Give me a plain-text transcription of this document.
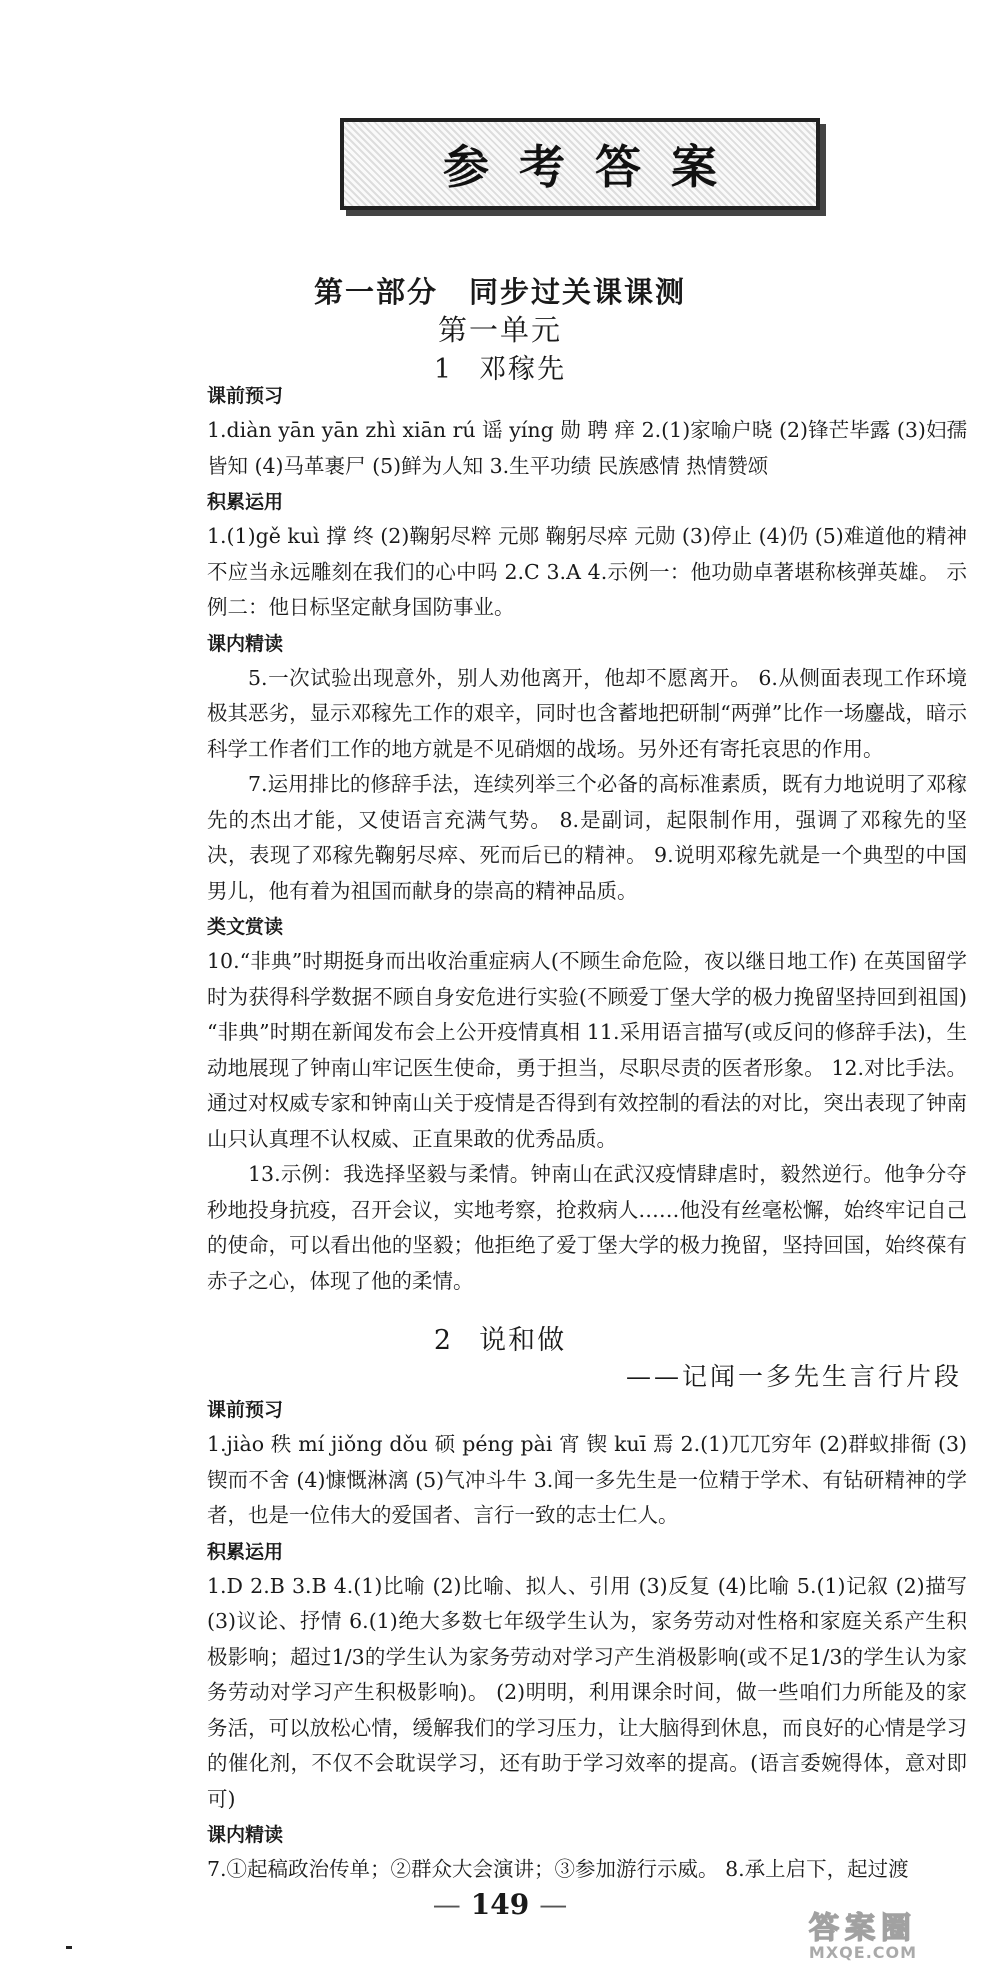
参考答案
第一部分　同步过关课课测
第一单元
1 邓稼先
课前预习
1.diàn yān yān zhì xiān rú 谣 yíng 勋 聘 痒 2.(1)家喻户晓 (2)锋芒毕露 (3)妇孺皆知 (4)马革裹尸 (5)鲜为人知 3.生平功绩 民族感情 热情赞颂
积累运用
1.(1)gě kuì 撑 终 (2)鞠躬尽粹 元郧 鞠躬尽瘁 元勋 (3)停止 (4)仍 (5)难道他的精神不应当永远雕刻在我们的心中吗 2.C 3.A 4.示例一：他功勋卓著堪称核弹英雄。 示例二：他日标坚定献身国防事业。
课内精读
5.一次试验出现意外，别人劝他离开，他却不愿离开。 6.从侧面表现工作环境极其恶劣，显示邓稼先工作的艰辛，同时也含蓄地把研制“两弹”比作一场鏖战，暗示科学工作者们工作的地方就是不见硝烟的战场。另外还有寄托哀思的作用。
7.运用排比的修辞手法，连续列举三个必备的高标准素质，既有力地说明了邓稼先的杰出才能，又使语言充满气势。 8.是副词，起限制作用，强调了邓稼先的坚决，表现了邓稼先鞠躬尽瘁、死而后已的精神。 9.说明邓稼先就是一个典型的中国男儿，他有着为祖国而献身的崇高的精神品质。
类文赏读
10.“非典”时期挺身而出收治重症病人(不顾生命危险，夜以继日地工作) 在英国留学时为获得科学数据不顾自身安危进行实验(不顾爱丁堡大学的极力挽留坚持回到祖国) “非典”时期在新闻发布会上公开疫情真相 11.采用语言描写(或反问的修辞手法)，生动地展现了钟南山牢记医生使命，勇于担当，尽职尽责的医者形象。 12.对比手法。通过对权威专家和钟南山关于疫情是否得到有效控制的看法的对比，突出表现了钟南山只认真理不认权威、正直果敢的优秀品质。
13.示例：我选择坚毅与柔情。钟南山在武汉疫情肆虐时，毅然逆行。他争分夺秒地投身抗疫，召开会议，实地考察，抢救病人……他没有丝毫松懈，始终牢记自己的使命，可以看出他的坚毅；他拒绝了爱丁堡大学的极力挽留，坚持回国，始终葆有赤子之心，体现了他的柔情。
2 说和做
——记闻一多先生言行片段
课前预习
1.jiào 秩 mí jiǒng dǒu 硕 péng pài 宵 锲 kuī 焉 2.(1)兀兀穷年 (2)群蚁排衙 (3)锲而不舍 (4)慷慨淋漓 (5)气冲斗牛 3.闻一多先生是一位精于学术、有钻研精神的学者，也是一位伟大的爱国者、言行一致的志士仁人。
积累运用
1.D 2.B 3.B 4.(1)比喻 (2)比喻、拟人、引用 (3)反复 (4)比喻 5.(1)记叙 (2)描写 (3)议论、抒情 6.(1)绝大多数七年级学生认为，家务劳动对性格和家庭关系产生积极影响；超过1/3的学生认为家务劳动对学习产生消极影响(或不足1/3的学生认为家务劳动对学习产生积极影响)。 (2)明明，利用课余时间，做一些咱们力所能及的家务活，可以放松心情，缓解我们的学习压力，让大脑得到休息，而良好的心情是学习的催化剂，不仅不会耽误学习，还有助于学习效率的提高。(语言委婉得体，意对即可)
课内精读
7.①起稿政治传单；②群众大会演讲；③参加游行示威。 8.承上启下，起过渡
— 149 —
答案圈
MXQE.COM
